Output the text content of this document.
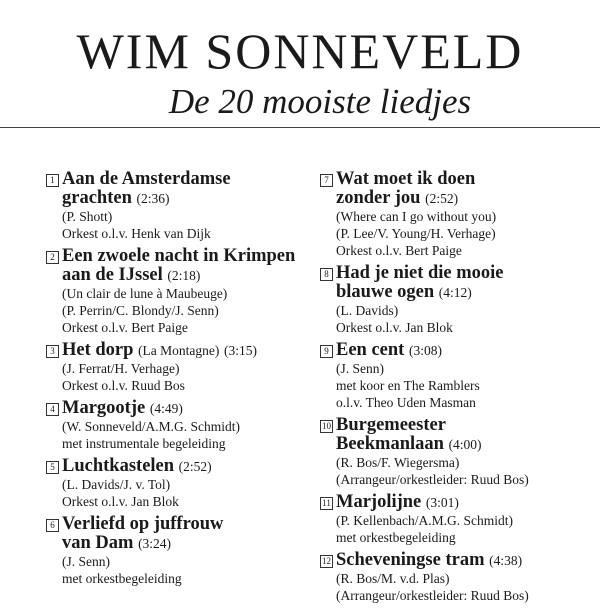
WIM SONNEVELD
De 20 mooiste liedjes
1 Aan de Amsterdamse
grachten (2:36)
(P. Shott)
Orkest o.l.v. Henk van Dijk
2 Een zwoele nacht in Krimpen
aan de IJssel (2:18)
(Un clair de lune à Maubeuge)
(P. Perrin/C. Blondy/J. Senn)
Orkest o.l.v. Bert Paige
3 Het dorp (La Montagne) (3:15)
(J. Ferrat/H. Verhage)
Orkest o.l.v. Ruud Bos
4 Margootje (4:49)
(W. Sonneveld/A.M.G. Schmidt)
met instrumentale begeleiding
5 Luchtkastelen (2:52)
(L. Davids/J. v. Tol)
Orkest o.l.v. Jan Blok
6 Verliefd op juffrouw
van Dam (3:24)
(J. Senn)
met orkestbegeleiding
7 Wat moet ik doen
zonder jou (2:52)
(Where can I go without you)
(P. Lee/V. Young/H. Verhage)
Orkest o.l.v. Bert Paige
8 Had je niet die mooie
blauwe ogen (4:12)
(L. Davids)
Orkest o.l.v. Jan Blok
9 Een cent (3:08)
(J. Senn)
met koor en The Ramblers
o.l.v. Theo Uden Masman
10 Burgemeester
Beekmanlaan (4:00)
(R. Bos/F. Wiegersma)
(Arrangeur/orkestleider: Ruud Bos)
11 Marjolijne (3:01)
(P. Kellenbach/A.M.G. Schmidt)
met orkestbegeleiding
12 Scheveningse tram (4:38)
(R. Bos/M. v.d. Plas)
(Arrangeur/orkestleider: Ruud Bos)
